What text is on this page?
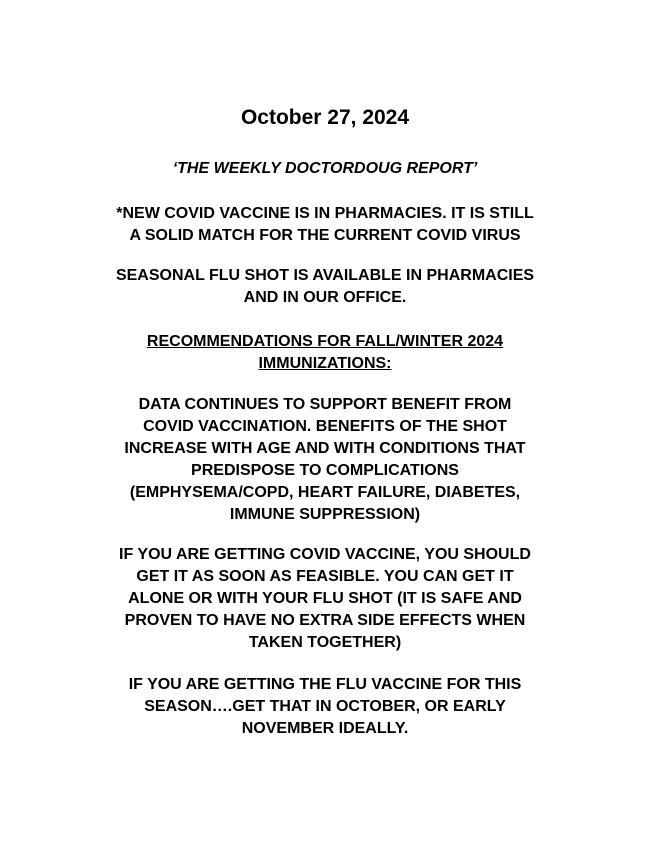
October 27, 2024
‘THE WEEKLY DOCTORDOUG REPORT’

*NEW COVID VACCINE IS IN PHARMACIES. IT IS STILL
A SOLID MATCH FOR THE CURRENT COVID VIRUS

SEASONAL FLU SHOT IS AVAILABLE IN PHARMACIES
AND IN OUR OFFICE.

RECOMMENDATIONS FOR FALL/WINTER 2024
IMMUNIZATIONS:

DATA CONTINUES TO SUPPORT BENEFIT FROM
COVID VACCINATION. BENEFITS OF THE SHOT
INCREASE WITH AGE AND WITH CONDITIONS THAT
PREDISPOSE TO COMPLICATIONS
(EMPHYSEMA/COPD, HEART FAILURE, DIABETES,
IMMUNE SUPPRESSION)

IF YOU ARE GETTING COVID VACCINE, YOU SHOULD
GET IT AS SOON AS FEASIBLE. YOU CAN GET IT
ALONE OR WITH YOUR FLU SHOT (IT IS SAFE AND
PROVEN TO HAVE NO EXTRA SIDE EFFECTS WHEN
TAKEN TOGETHER)

IF YOU ARE GETTING THE FLU VACCINE FOR THIS
SEASON….GET THAT IN OCTOBER, OR EARLY
NOVEMBER IDEALLY.
